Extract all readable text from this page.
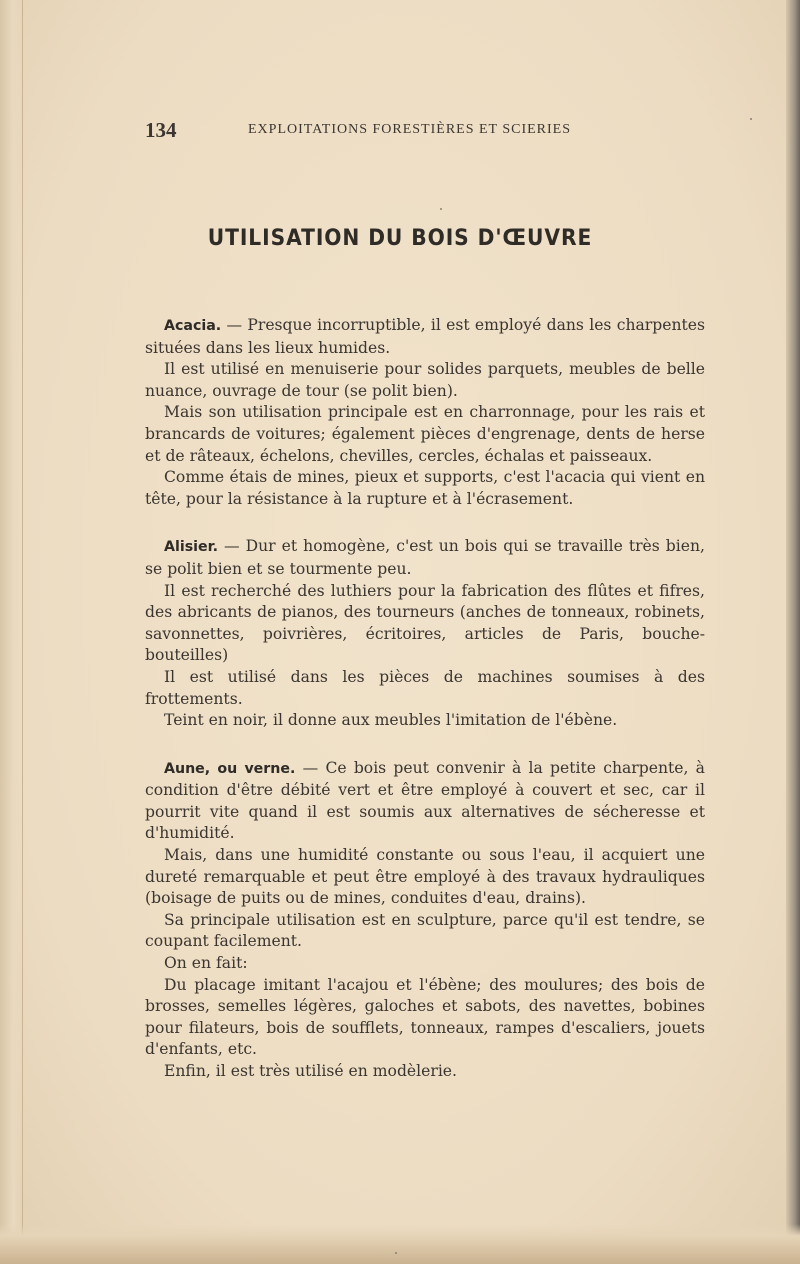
134	EXPLOITATIONS FORESTIÈRES ET SCIERIES
UTILISATION DU BOIS D'ŒUVRE

Acacia. — Presque incorruptible, il est employé dans les charpentes situées dans les lieux humides.

Il est utilisé en menuiserie pour solides parquets, meubles de belle nuance, ouvrage de tour (se polit bien).

Mais son utilisation principale est en charronnage, pour les rais et brancards de voitures; également pièces d'engrenage, dents de herse et de râteaux, échelons, chevilles, cercles, échalas et paisseaux.

Comme étais de mines, pieux et supports, c'est l'acacia qui vient en tête, pour la résistance à la rupture et à l'écrasement.

Alisier. — Dur et homogène, c'est un bois qui se travaille très bien, se polit bien et se tourmente peu.

Il est recherché des luthiers pour la fabrication des flûtes et fifres, des abricants de pianos, des tourneurs (anches de tonneaux, robinets, savonnettes, poivrières, écritoires, articles de Paris, bouche-bouteilles)

Il est utilisé dans les pièces de machines soumises à des frottements.

Teint en noir, il donne aux meubles l'imitation de l'ébène.

Aune, ou verne. — Ce bois peut convenir à la petite charpente, à condition d'être débité vert et être employé à couvert et sec, car il pourrit vite quand il est soumis aux alternatives de sécheresse et d'humidité.

Mais, dans une humidité constante ou sous l'eau, il acquiert une dureté remarquable et peut être employé à des travaux hydrauliques (boisage de puits ou de mines, conduites d'eau, drains).

Sa principale utilisation est en sculpture, parce qu'il est tendre, se coupant facilement.

On en fait:

Du placage imitant l'acajou et l'ébène; des moulures; des bois de brosses, semelles légères, galoches et sabots, des navettes, bobines pour filateurs, bois de soufflets, tonneaux, rampes d'escaliers, jouets d'enfants, etc.

Enfin, il est très utilisé en modèlerie.
